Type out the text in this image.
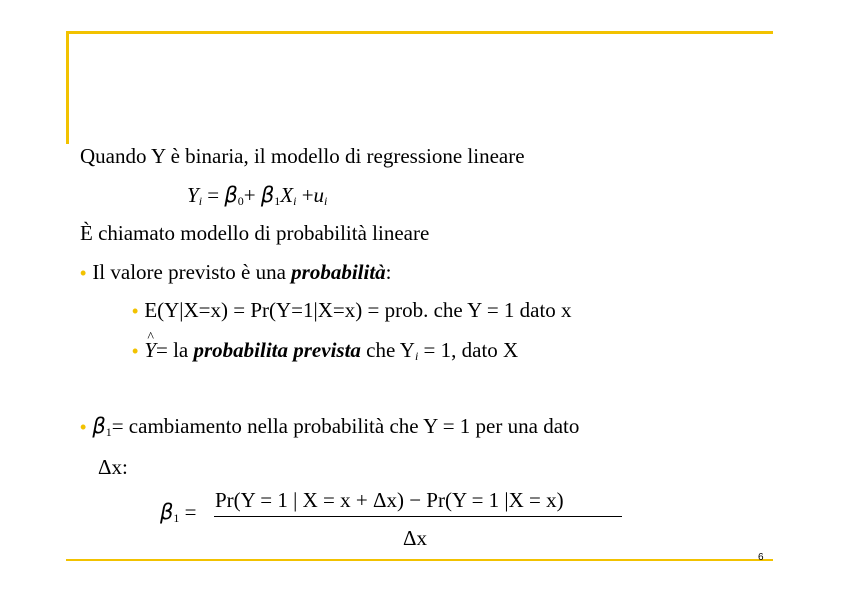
Quando Y è binaria, il modello di regressione lineare
$Y_i = \beta_0+ \beta_1X_i +u_i$
È chiamato modello di probabilità lineare
• Il valore previsto è una probabilità:
• E(Y|X=x) = Pr(Y=1|X=x) = prob. che Y = 1 dato x
• Y ^= la probabilita prevista che $Y_i = 1$, dato X
• $\beta_1=$ cambiamento nella probabilità che Y = 1 per una dato
Δx:
$\beta_1 = Pr(Y = 1$ | X = x + Δx) − Pr(Y = 1 |X = x)
Δx
6
